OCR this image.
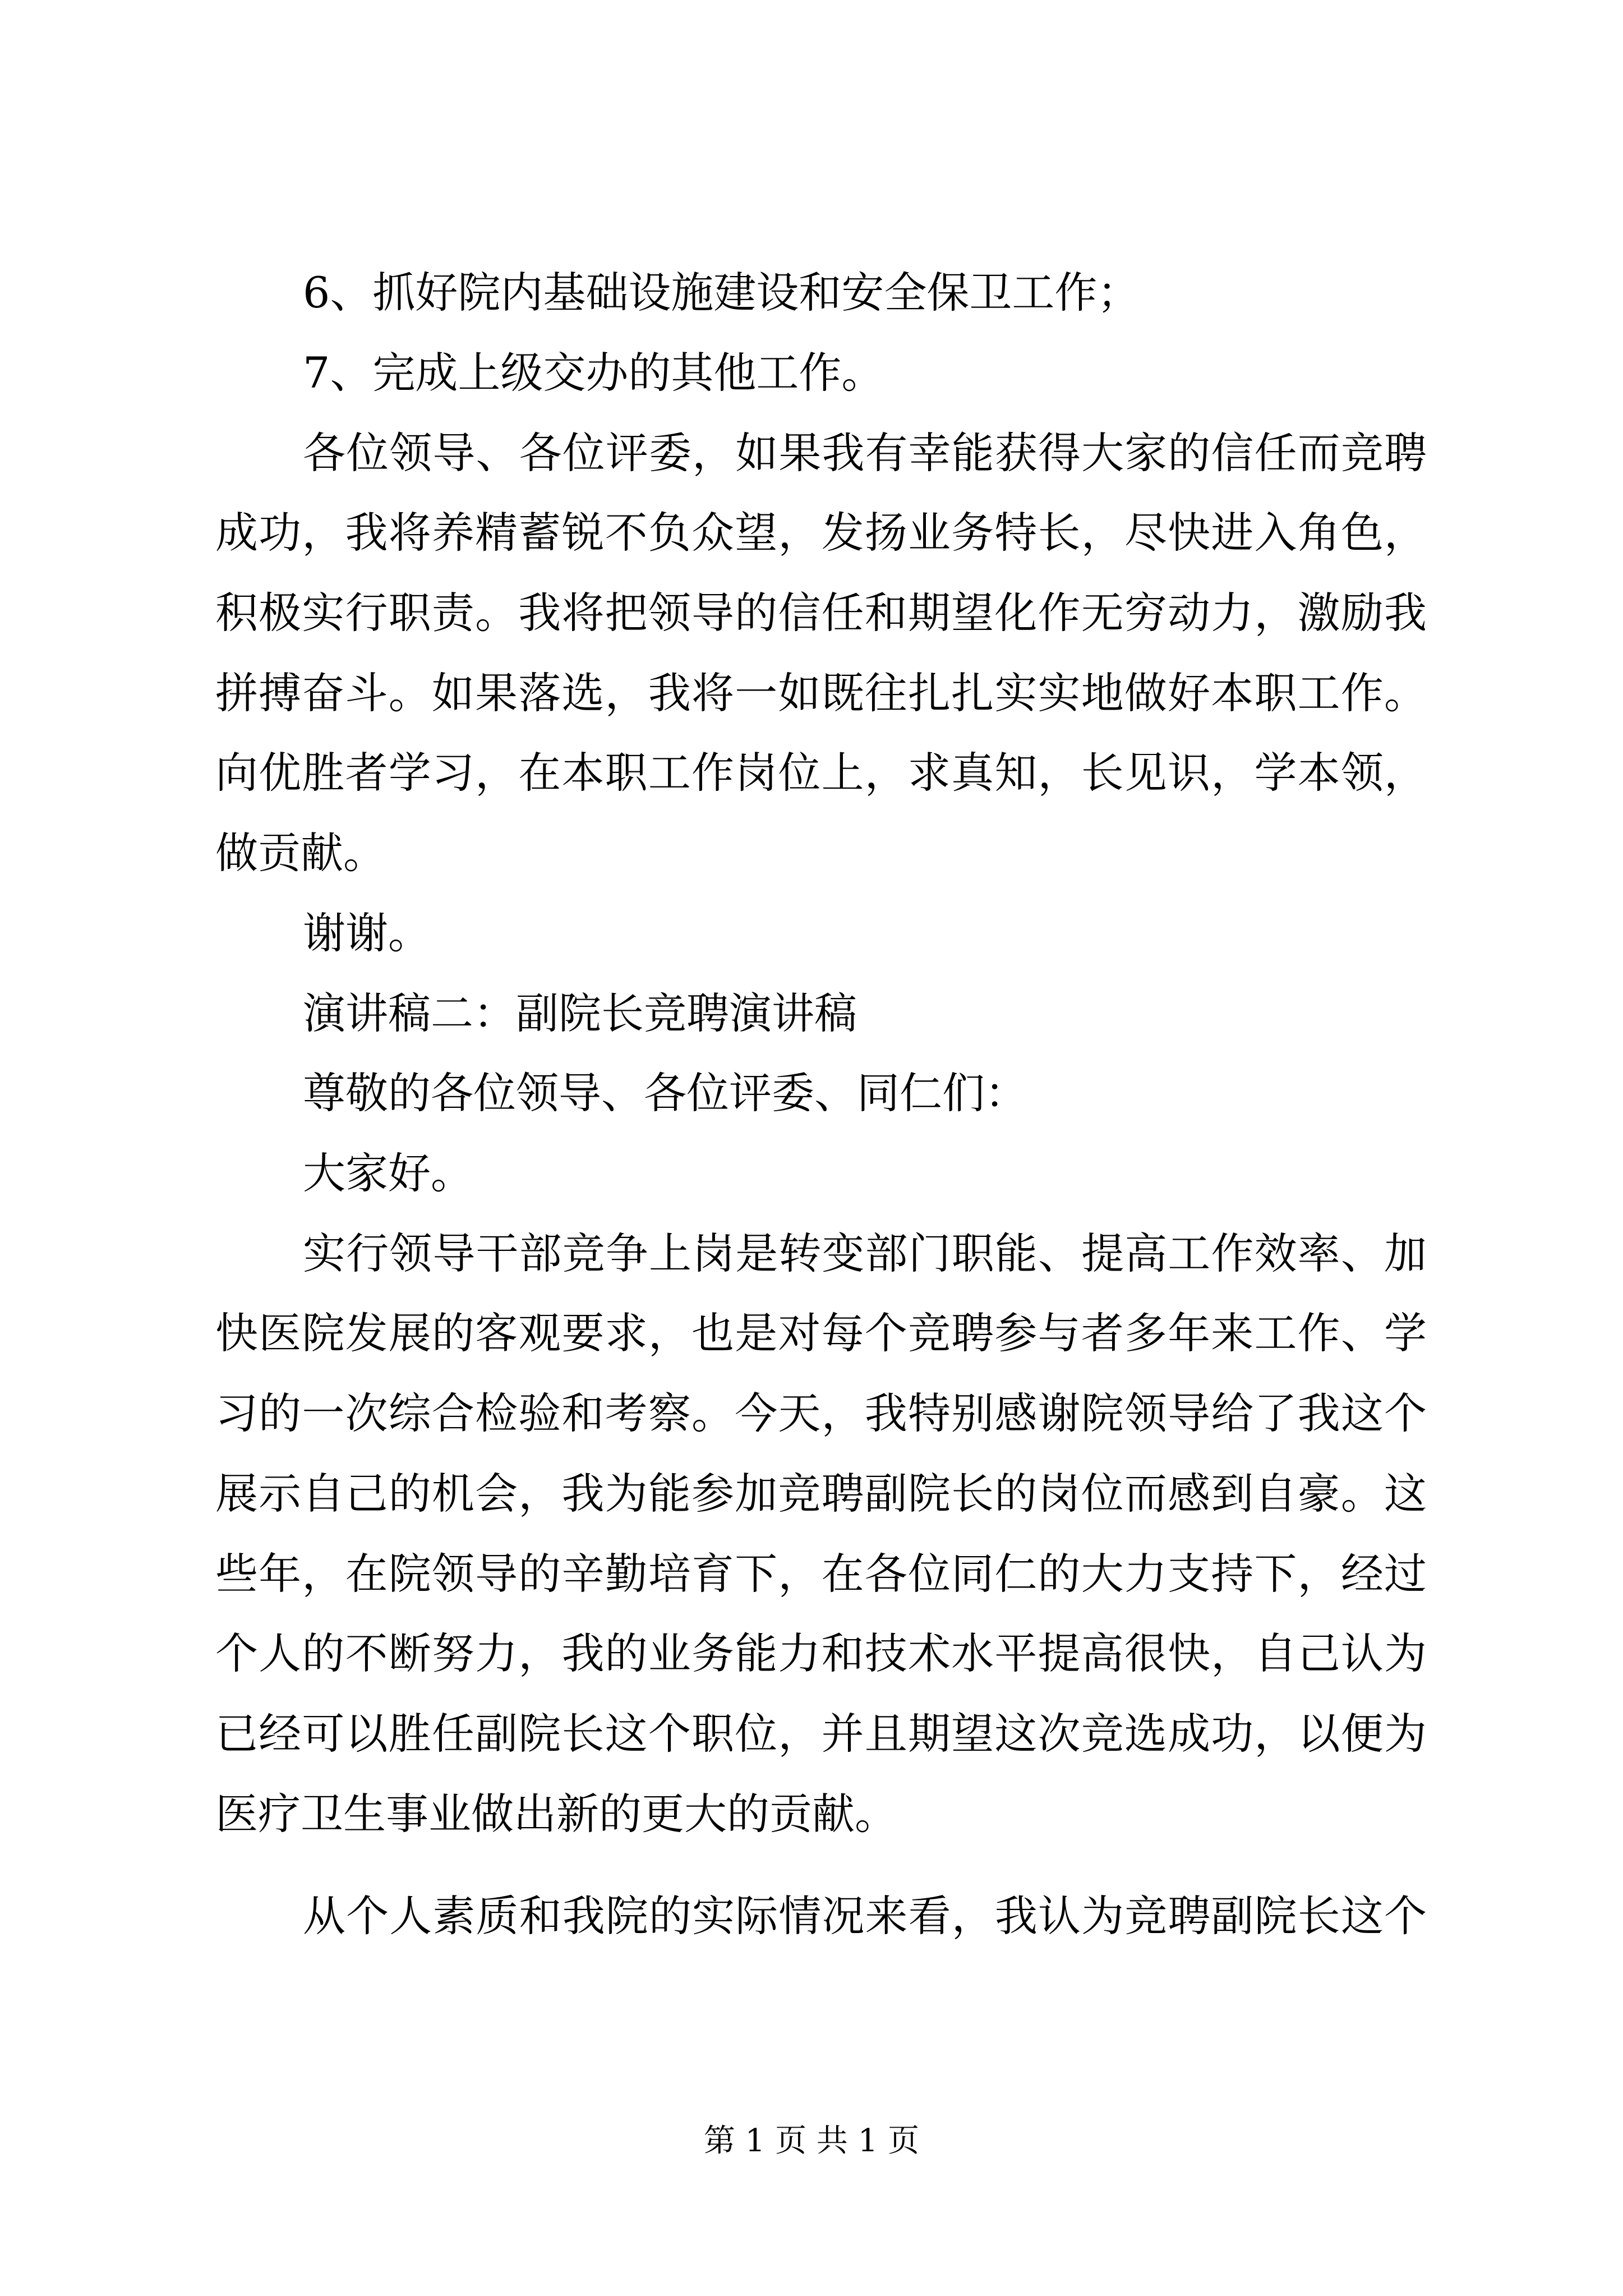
6、抓好院内基础设施建设和安全保卫工作；
7、完成上级交办的其他工作。
各位领导、各位评委，如果我有幸能获得大家的信任而竞聘
成功，我将养精蓄锐不负众望，发扬业务特长，尽快进入角色，
积极实行职责。我将把领导的信任和期望化作无穷动力，激励我
拼搏奋斗。如果落选，我将一如既往扎扎实实地做好本职工作。
向优胜者学习，在本职工作岗位上，求真知，长见识，学本领，
做贡献。
谢谢。
演讲稿二：副院长竞聘演讲稿
尊敬的各位领导、各位评委、同仁们：
大家好。
实行领导干部竞争上岗是转变部门职能、提高工作效率、加
快医院发展的客观要求，也是对每个竞聘参与者多年来工作、学
习的一次综合检验和考察。今天，我特别感谢院领导给了我这个
展示自己的机会，我为能参加竞聘副院长的岗位而感到自豪。这
些年，在院领导的辛勤培育下，在各位同仁的大力支持下，经过
个人的不断努力，我的业务能力和技术水平提高很快，自己认为
已经可以胜任副院长这个职位，并且期望这次竞选成功，以便为
医疗卫生事业做出新的更大的贡献。
从个人素质和我院的实际情况来看，我认为竞聘副院长这个
第 1 页 共 1 页
